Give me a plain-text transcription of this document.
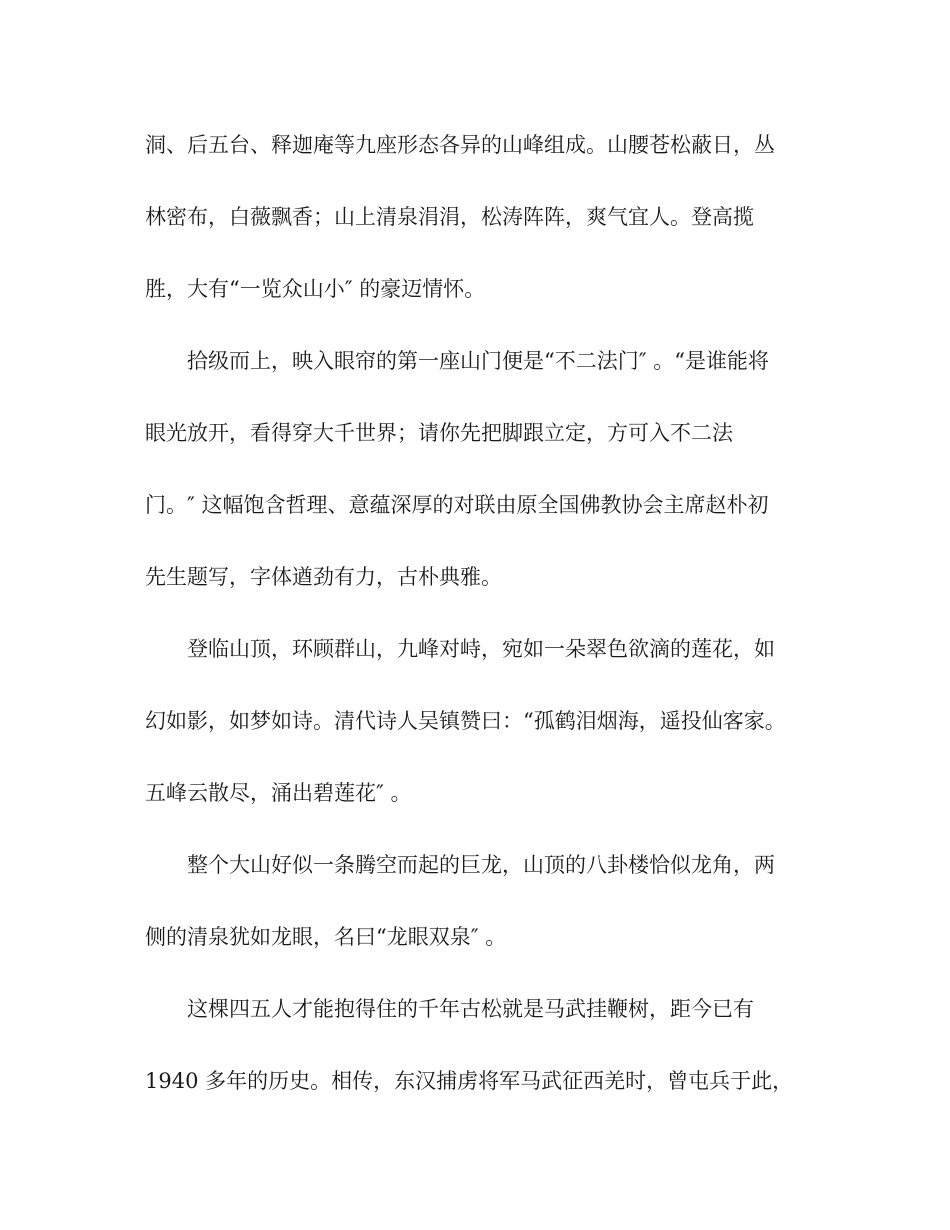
洞、后五台、释迦庵等九座形态各异的山峰组成。山腰苍松蔽日，丛

林密布，白薇飘香；山上清泉涓涓，松涛阵阵，爽气宜人。登高揽

胜，大有“一览众山小″ 的豪迈情怀。

拾级而上，映入眼帘的第一座山门便是“不二法门″ 。“是谁能将

眼光放开，看得穿大千世界；请你先把脚跟立定，方可入不二法

门。″ 这幅饱含哲理、意蕴深厚的对联由原全国佛教协会主席赵朴初

先生题写，字体遒劲有力，古朴典雅。

登临山顶，环顾群山，九峰对峙，宛如一朵翠色欲滴的莲花，如

幻如影，如梦如诗。清代诗人吴镇赞曰：“孤鹤泪烟海，遥投仙客家。

五峰云散尽，涌出碧莲花″ 。

整个大山好似一条腾空而起的巨龙，山顶的八卦楼恰似龙角，两

侧的清泉犹如龙眼，名曰“龙眼双泉″ 。

这棵四五人才能抱得住的千年古松就是马武挂鞭树，距今已有

1940 多年的历史。相传，东汉捕虏将军马武征西羌时，曾屯兵于此，
